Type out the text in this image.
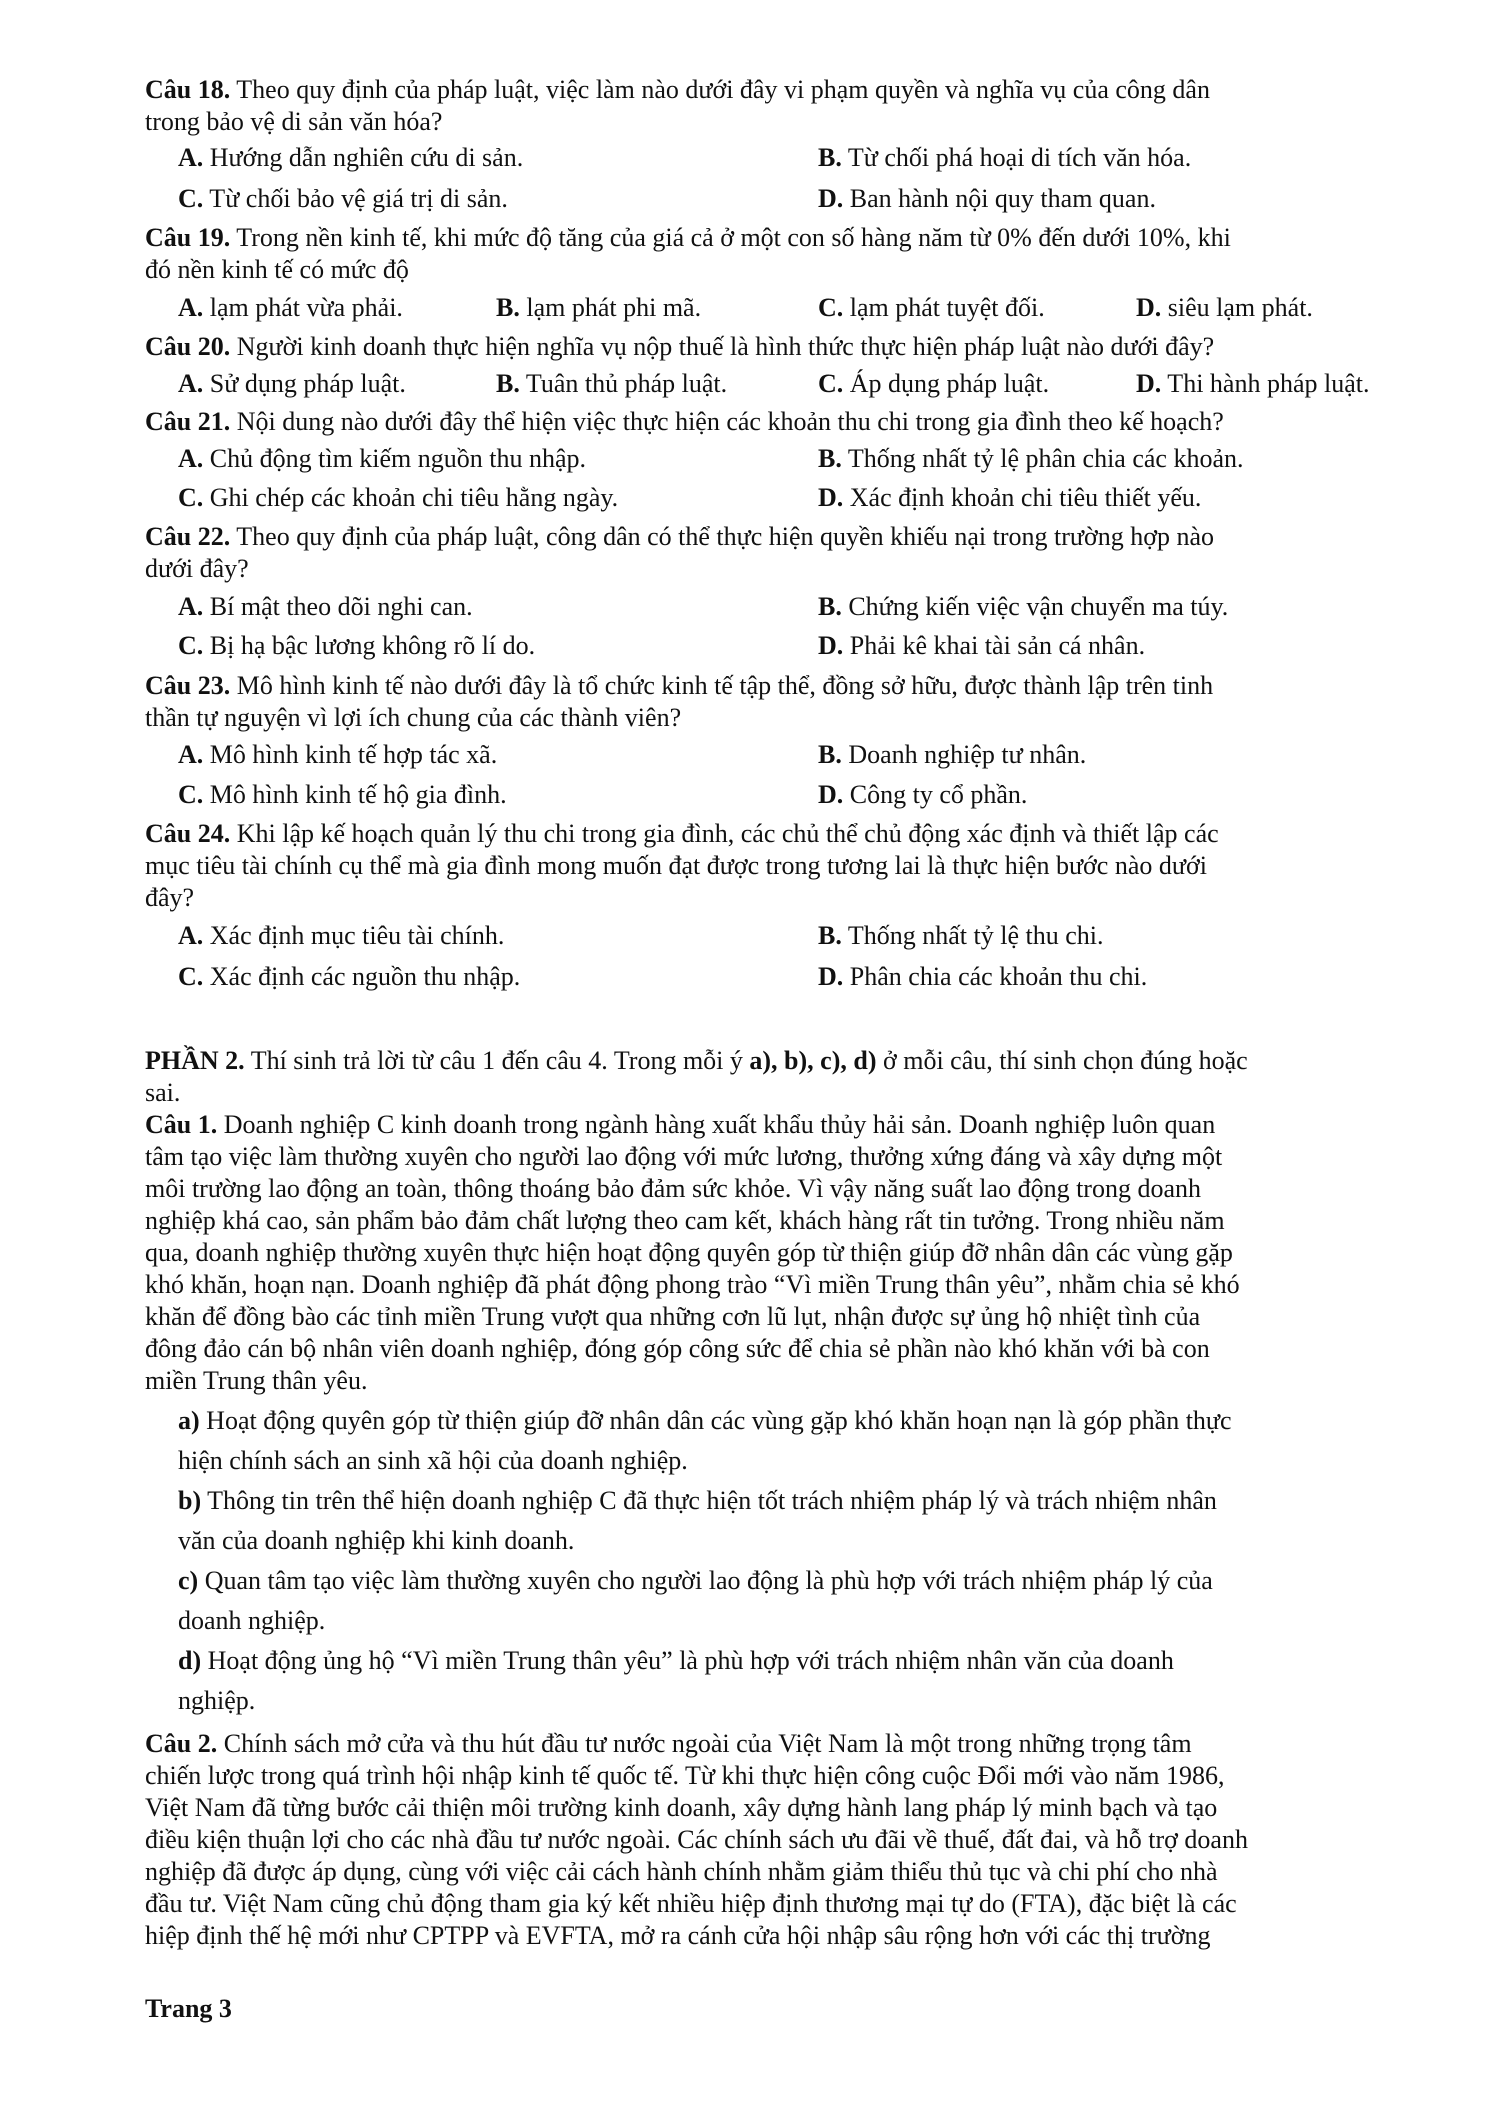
Câu 18. Theo quy định của pháp luật, việc làm nào dưới đây vi phạm quyền và nghĩa vụ của công dân
trong bảo vệ di sản văn hóa?
A. Hướng dẫn nghiên cứu di sản.	B. Từ chối phá hoại di tích văn hóa.
C. Từ chối bảo vệ giá trị di sản.	D. Ban hành nội quy tham quan.
Câu 19. Trong nền kinh tế, khi mức độ tăng của giá cả ở một con số hàng năm từ 0% đến dưới 10%, khi
đó nền kinh tế có mức độ
A. lạm phát vừa phải.	B. lạm phát phi mã.	C. lạm phát tuyệt đối.	D. siêu lạm phát.
Câu 20. Người kinh doanh thực hiện nghĩa vụ nộp thuế là hình thức thực hiện pháp luật nào dưới đây?
A. Sử dụng pháp luật.	B. Tuân thủ pháp luật.	C. Áp dụng pháp luật.	D. Thi hành pháp luật.
Câu 21. Nội dung nào dưới đây thể hiện việc thực hiện các khoản thu chi trong gia đình theo kế hoạch?
A. Chủ động tìm kiếm nguồn thu nhập.	B. Thống nhất tỷ lệ phân chia các khoản.
C. Ghi chép các khoản chi tiêu hằng ngày.	D. Xác định khoản chi tiêu thiết yếu.
Câu 22. Theo quy định của pháp luật, công dân có thể thực hiện quyền khiếu nại trong trường hợp nào
dưới đây?
A. Bí mật theo dõi nghi can.	B. Chứng kiến việc vận chuyển ma túy.
C. Bị hạ bậc lương không rõ lí do.	D. Phải kê khai tài sản cá nhân.
Câu 23. Mô hình kinh tế nào dưới đây là tổ chức kinh tế tập thể, đồng sở hữu, được thành lập trên tinh
thần tự nguyện vì lợi ích chung của các thành viên?
A. Mô hình kinh tế hợp tác xã.	B. Doanh nghiệp tư nhân.
C. Mô hình kinh tế hộ gia đình.	D. Công ty cổ phần.
Câu 24. Khi lập kế hoạch quản lý thu chi trong gia đình, các chủ thể chủ động xác định và thiết lập các
mục tiêu tài chính cụ thể mà gia đình mong muốn đạt được trong tương lai là thực hiện bước nào dưới
đây?
A. Xác định mục tiêu tài chính.	B. Thống nhất tỷ lệ thu chi.
C. Xác định các nguồn thu nhập.	D. Phân chia các khoản thu chi.
PHẦN 2. Thí sinh trả lời từ câu 1 đến câu 4. Trong mỗi ý a), b), c), d) ở mỗi câu, thí sinh chọn đúng hoặc
sai.
Câu 1. Doanh nghiệp C kinh doanh trong ngành hàng xuất khẩu thủy hải sản. Doanh nghiệp luôn quan
tâm tạo việc làm thường xuyên cho người lao động với mức lương, thưởng xứng đáng và xây dựng một
môi trường lao động an toàn, thông thoáng bảo đảm sức khỏe. Vì vậy năng suất lao động trong doanh
nghiệp khá cao, sản phẩm bảo đảm chất lượng theo cam kết, khách hàng rất tin tưởng. Trong nhiều năm
qua, doanh nghiệp thường xuyên thực hiện hoạt động quyên góp từ thiện giúp đỡ nhân dân các vùng gặp
khó khăn, hoạn nạn. Doanh nghiệp đã phát động phong trào “Vì miền Trung thân yêu”, nhằm chia sẻ khó
khăn để đồng bào các tỉnh miền Trung vượt qua những cơn lũ lụt, nhận được sự ủng hộ nhiệt tình của
đông đảo cán bộ nhân viên doanh nghiệp, đóng góp công sức để chia sẻ phần nào khó khăn với bà con
miền Trung thân yêu.
a) Hoạt động quyên góp từ thiện giúp đỡ nhân dân các vùng gặp khó khăn hoạn nạn là góp phần thực
hiện chính sách an sinh xã hội của doanh nghiệp.
b) Thông tin trên thể hiện doanh nghiệp C đã thực hiện tốt trách nhiệm pháp lý và trách nhiệm nhân
văn của doanh nghiệp khi kinh doanh.
c) Quan tâm tạo việc làm thường xuyên cho người lao động là phù hợp với trách nhiệm pháp lý của
doanh nghiệp.
d) Hoạt động ủng hộ “Vì miền Trung thân yêu” là phù hợp với trách nhiệm nhân văn của doanh
nghiệp.
Câu 2. Chính sách mở cửa và thu hút đầu tư nước ngoài của Việt Nam là một trong những trọng tâm
chiến lược trong quá trình hội nhập kinh tế quốc tế. Từ khi thực hiện công cuộc Đổi mới vào năm 1986,
Việt Nam đã từng bước cải thiện môi trường kinh doanh, xây dựng hành lang pháp lý minh bạch và tạo
điều kiện thuận lợi cho các nhà đầu tư nước ngoài. Các chính sách ưu đãi về thuế, đất đai, và hỗ trợ doanh
nghiệp đã được áp dụng, cùng với việc cải cách hành chính nhằm giảm thiểu thủ tục và chi phí cho nhà
đầu tư. Việt Nam cũng chủ động tham gia ký kết nhiều hiệp định thương mại tự do (FTA), đặc biệt là các
hiệp định thế hệ mới như CPTPP và EVFTA, mở ra cánh cửa hội nhập sâu rộng hơn với các thị trường
Trang 3
